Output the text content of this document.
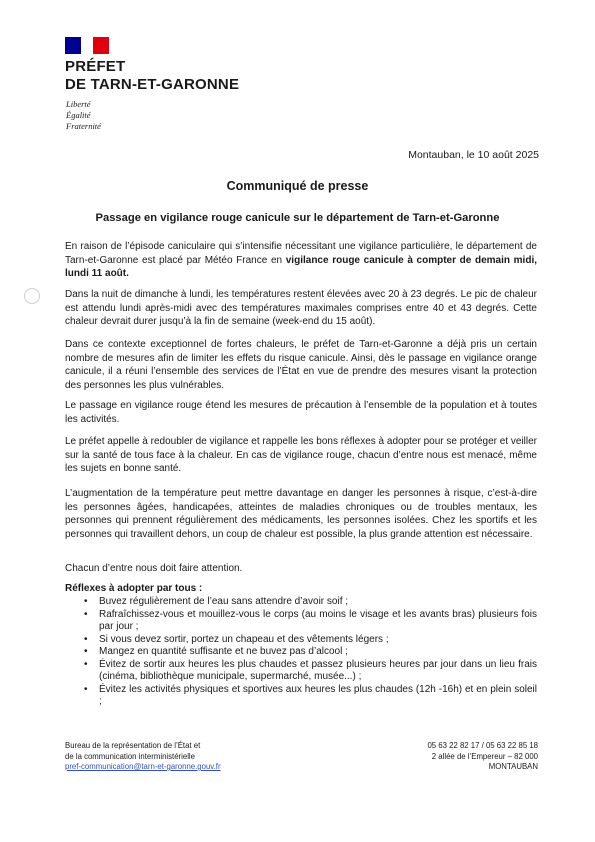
PRÉFET
DE TARN-ET-GARONNE
Liberté
Égalité
Fraternité
Montauban, le 10 août 2025
Communiqué de presse
Passage en vigilance rouge canicule sur le département de Tarn-et-Garonne
En raison de l’épisode caniculaire qui s’intensifie nécessitant une vigilance particulière, le département de Tarn-et-Garonne est placé par Météo France en vigilance rouge canicule à compter de demain midi, lundi 11 août.
Dans la nuit de dimanche à lundi, les températures restent élevées avec 20 à 23 degrés. Le pic de chaleur est attendu lundi après-midi avec des températures maximales comprises entre 40 et 43 degrés. Cette chaleur devrait durer jusqu’à la fin de semaine (week-end du 15 août).
Dans ce contexte exceptionnel de fortes chaleurs, le préfet de Tarn-et-Garonne a déjà pris un certain nombre de mesures afin de limiter les effets du risque canicule. Ainsi, dès le passage en vigilance orange canicule, il a réuni l’ensemble des services de l’État en vue de prendre des mesures visant la protection des personnes les plus vulnérables.
Le passage en vigilance rouge étend les mesures de précaution à l’ensemble de la population et à toutes les activités.
Le préfet appelle à redoubler de vigilance et rappelle les bons réflexes à adopter pour se protéger et veiller sur la santé de tous face à la chaleur. En cas de vigilance rouge, chacun d’entre nous est menacé, même les sujets en bonne santé.
L’augmentation de la température peut mettre davantage en danger les personnes à risque, c’est-à-dire les personnes âgées, handicapées, atteintes de maladies chroniques ou de troubles mentaux, les personnes qui prennent régulièrement des médicaments, les personnes isolées. Chez les sportifs et les personnes qui travaillent dehors, un coup de chaleur est possible, la plus grande attention est nécessaire.
Chacun d’entre nous doit faire attention.
Réflexes à adopter par tous :
• Buvez régulièrement de l’eau sans attendre d’avoir soif ;
• Rafraîchissez-vous et mouillez-vous le corps (au moins le visage et les avants bras) plusieurs fois par jour ;
• Si vous devez sortir, portez un chapeau et des vêtements légers ;
• Mangez en quantité suffisante et ne buvez pas d’alcool ;
• Évitez de sortir aux heures les plus chaudes et passez plusieurs heures par jour dans un lieu frais (cinéma, bibliothèque municipale, supermarché, musée...) ;
• Évitez les activités physiques et sportives aux heures les plus chaudes (12h -16h) et en plein soleil ;
Bureau de la représentation de l’État et
de la communication interministérielle
pref-communication@tarn-et-garonne.gouv.fr
05 63 22 82 17 / 05 63 22 85 18
2 allée de l’Empereur – 82 000
MONTAUBAN
